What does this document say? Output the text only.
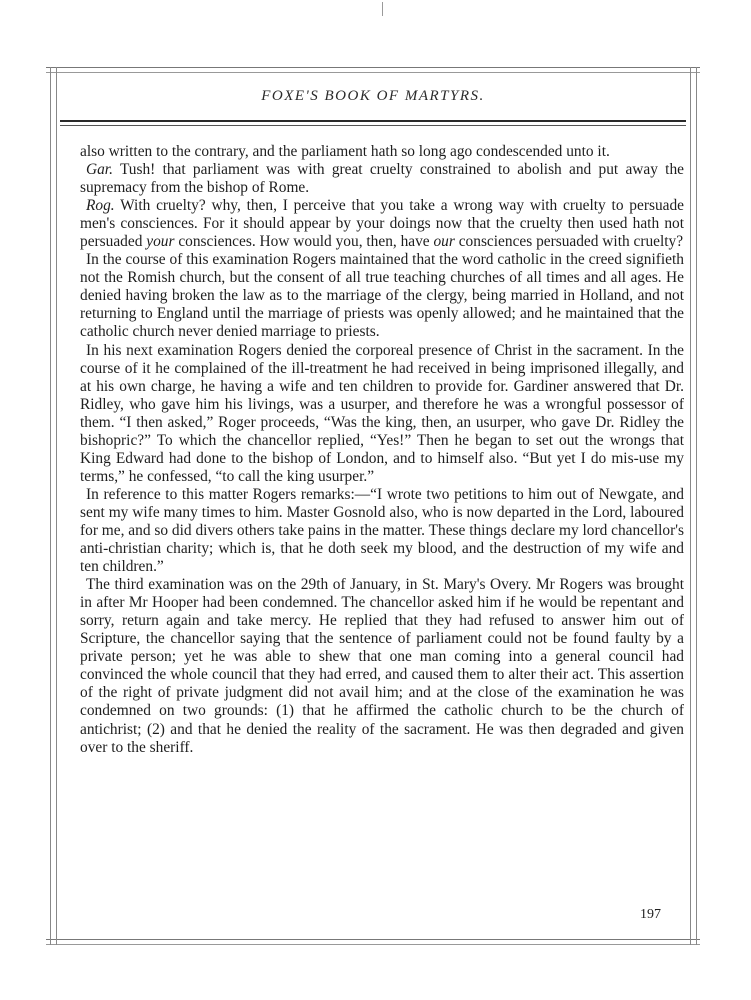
FOXE'S BOOK OF MARTYRS.

also written to the contrary, and the parliament hath so long ago condescended unto it.

Gar. Tush! that parliament was with great cruelty constrained to abolish and put away the supremacy from the bishop of Rome.

Rog. With cruelty? why, then, I perceive that you take a wrong way with cruelty to persuade men's consciences. For it should appear by your doings now that the cruelty then used hath not persuaded your consciences. How would you, then, have our consciences persuaded with cruelty?

In the course of this examination Rogers maintained that the word catholic in the creed signifieth not the Romish church, but the consent of all true teaching churches of all times and all ages. He denied having broken the law as to the marriage of the clergy, being married in Holland, and not returning to England until the marriage of priests was openly allowed; and he maintained that the catholic church never denied marriage to priests.

In his next examination Rogers denied the corporeal presence of Christ in the sacrament. In the course of it he complained of the ill-treatment he had received in being imprisoned illegally, and at his own charge, he having a wife and ten children to provide for. Gardiner answered that Dr. Ridley, who gave him his livings, was a usurper, and therefore he was a wrongful possessor of them. “I then asked,” Roger proceeds, “Was the king, then, an usurper, who gave Dr. Ridley the bishopric?” To which the chancellor replied, “Yes!” Then he began to set out the wrongs that King Edward had done to the bishop of London, and to himself also. “But yet I do mis-use my terms,” he confessed, “to call the king usurper.”

In reference to this matter Rogers remarks:—“I wrote two petitions to him out of Newgate, and sent my wife many times to him. Master Gosnold also, who is now departed in the Lord, laboured for me, and so did divers others take pains in the matter. These things declare my lord chancellor's anti-christian charity; which is, that he doth seek my blood, and the destruction of my wife and ten children.”

The third examination was on the 29th of January, in St. Mary's Overy. Mr Rogers was brought in after Mr Hooper had been condemned. The chancellor asked him if he would be repentant and sorry, return again and take mercy. He replied that they had refused to answer him out of Scripture, the chancellor saying that the sentence of parliament could not be found faulty by a private person; yet he was able to shew that one man coming into a general council had convinced the whole council that they had erred, and caused them to alter their act. This assertion of the right of private judgment did not avail him; and at the close of the examination he was condemned on two grounds: (1) that he affirmed the catholic church to be the church of antichrist; (2) and that he denied the reality of the sacrament. He was then degraded and given over to the sheriff.

197
